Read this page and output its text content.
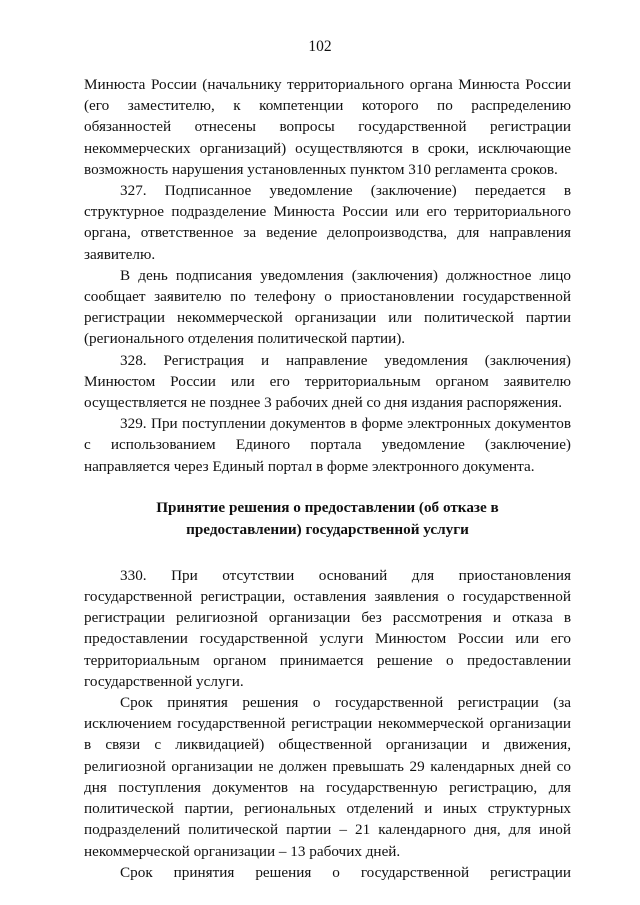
102

Минюста России (начальнику территориального органа Минюста России (его заместителю, к компетенции которого по распределению обязанностей отнесены вопросы государственной регистрации некоммерческих организаций) осуществляются в сроки, исключающие возможность нарушения установленных пунктом 310 регламента сроков.

327. Подписанное уведомление (заключение) передается в структурное подразделение Минюста России или его территориального органа, ответственное за ведение делопроизводства, для направления заявителю.

В день подписания уведомления (заключения) должностное лицо сообщает заявителю по телефону о приостановлении государственной регистрации некоммерческой организации или политической партии (регионального отделения политической партии).

328. Регистрация и направление уведомления (заключения) Минюстом России или его территориальным органом заявителю осуществляется не позднее 3 рабочих дней со дня издания распоряжения.

329. При поступлении документов в форме электронных документов с использованием Единого портала уведомление (заключение) направляется через Единый портал в форме электронного документа.

Принятие решения о предоставлении (об отказе в предоставлении) государственной услуги

330. При отсутствии оснований для приостановления государственной регистрации, оставления заявления о государственной регистрации религиозной организации без рассмотрения и отказа в предоставлении государственной услуги Минюстом России или его территориальным органом принимается решение о предоставлении государственной услуги.

Срок принятия решения о государственной регистрации (за исключением государственной регистрации некоммерческой организации в связи с ликвидацией) общественной организации и движения, религиозной организации не должен превышать 29 календарных дней со дня поступления документов на государственную регистрацию, для политической партии, региональных отделений и иных структурных подразделений политической партии – 21 календарного дня, для иной некоммерческой организации – 13 рабочих дней.

Срок принятия решения о государственной регистрации
